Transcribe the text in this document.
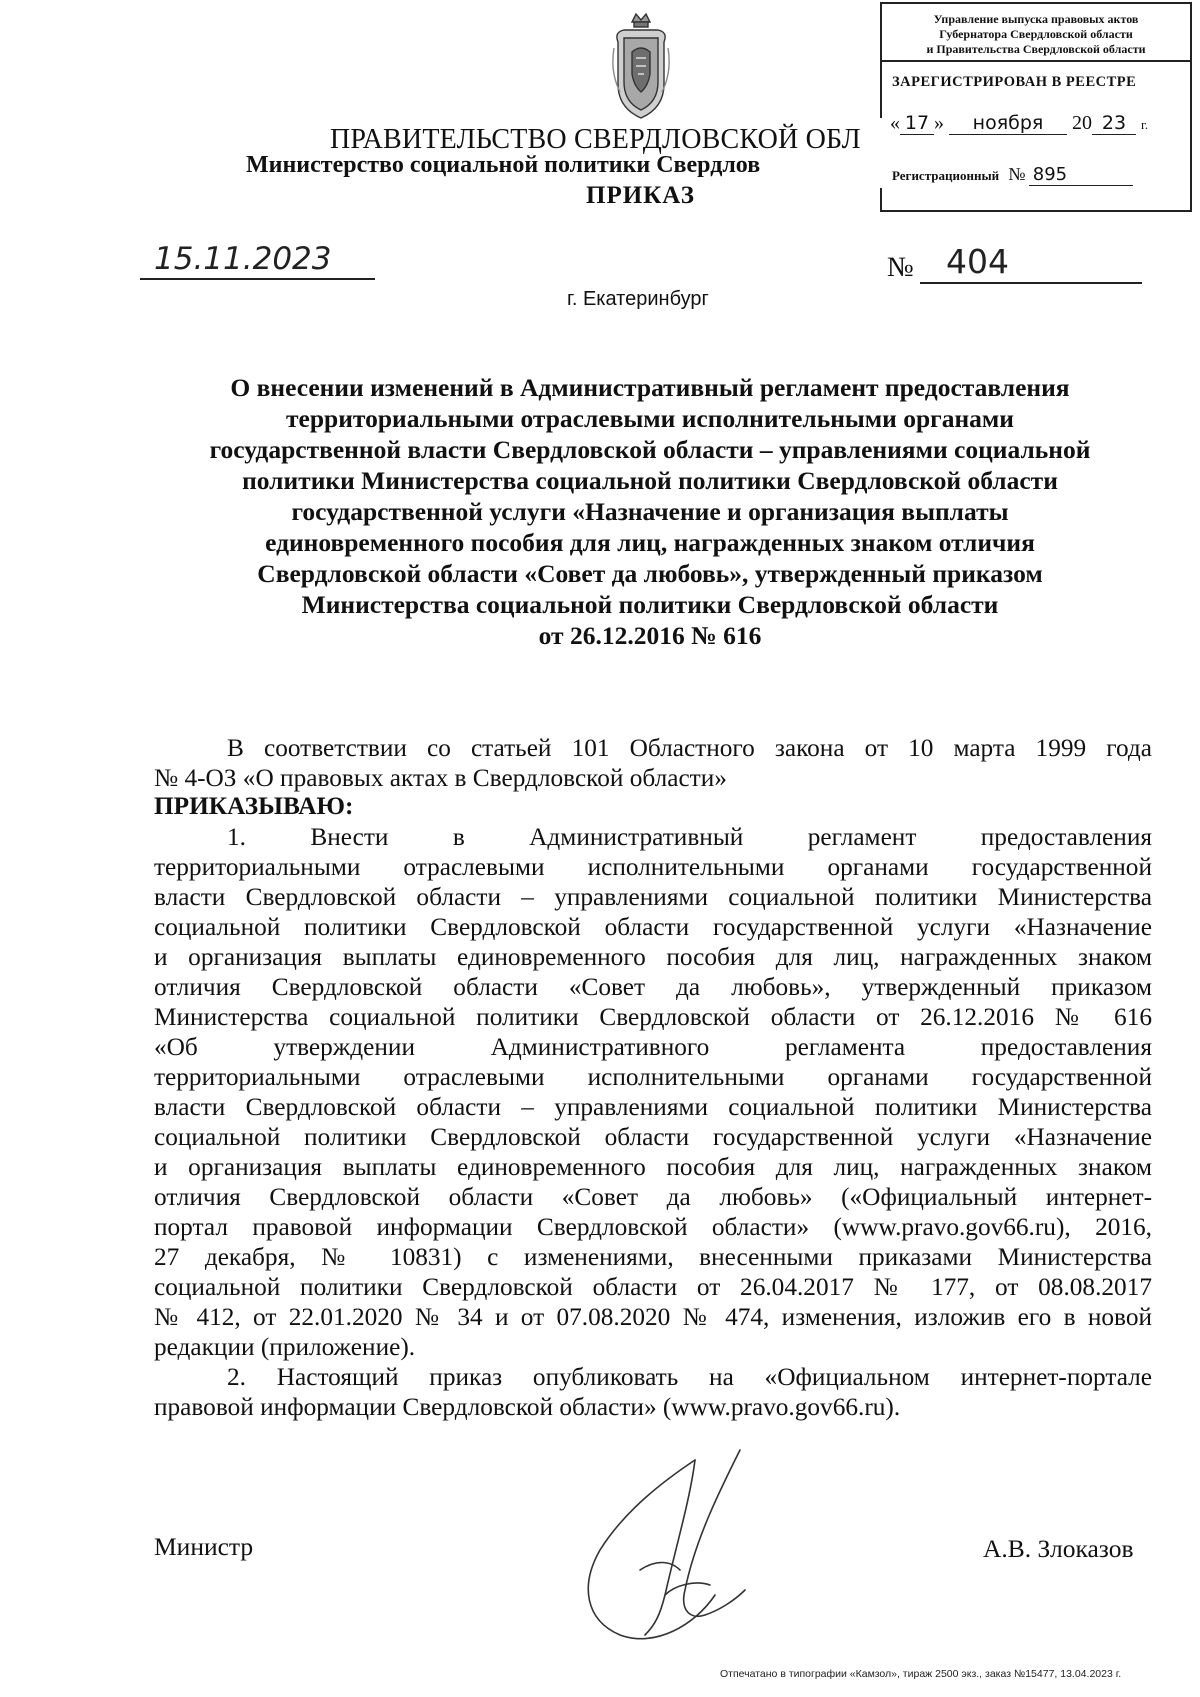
Управление выпуска правовых актов
Губернатора Свердловской области
и Правительства Свердловской области
ЗАРЕГИСТРИРОВАН В РЕЕСТРЕ
« 17 » ноября 20 23 г.
Регистрационный № 895
ПРАВИТЕЛЬСТВО СВЕРДЛОВСКОЙ ОБЛ
Министерство социальной политики Свердлов
ПРИКАЗ
15.11.2023	№ 404
г. Екатеринбург
О внесении изменений в Административный регламент предоставления
территориальными отраслевыми исполнительными органами
государственной власти Свердловской области – управлениями социальной
политики Министерства социальной политики Свердловской области
государственной услуги «Назначение и организация выплаты
единовременного пособия для лиц, награжденных знаком отличия
Свердловской области «Совет да любовь», утвержденный приказом
Министерства социальной политики Свердловской области
от 26.12.2016 № 616
В соответствии со статьей 101 Областного закона от 10 марта 1999 года
№ 4-ОЗ «О правовых актах в Свердловской области»
ПРИКАЗЫВАЮ:
1. Внести в Административный регламент предоставления
территориальными отраслевыми исполнительными органами государственной
власти Свердловской области – управлениями социальной политики Министерства
социальной политики Свердловской области государственной услуги «Назначение
и организация выплаты единовременного пособия для лиц, награжденных знаком
отличия Свердловской области «Совет да любовь», утвержденный приказом
Министерства социальной политики Свердловской области от 26.12.2016 № 616
«Об утверждении Административного регламента предоставления
территориальными отраслевыми исполнительными органами государственной
власти Свердловской области – управлениями социальной политики Министерства
социальной политики Свердловской области государственной услуги «Назначение
и организация выплаты единовременного пособия для лиц, награжденных знаком
отличия Свердловской области «Совет да любовь» («Официальный интернет-
портал правовой информации Свердловской области» (www.pravo.gov66.ru), 2016,
27 декабря, № 10831) с изменениями, внесенными приказами Министерства
социальной политики Свердловской области от 26.04.2017 № 177, от 08.08.2017
№ 412, от 22.01.2020 № 34 и от 07.08.2020 № 474, изменения, изложив его в новой
редакции (приложение).
2. Настоящий приказ опубликовать на «Официальном интернет-портале
правовой информации Свердловской области» (www.pravo.gov66.ru).
Министр	А.В. Злоказов
Отпечатано в типографии «Камзол», тираж 2500 экз., заказ №15477, 13.04.2023 г.
